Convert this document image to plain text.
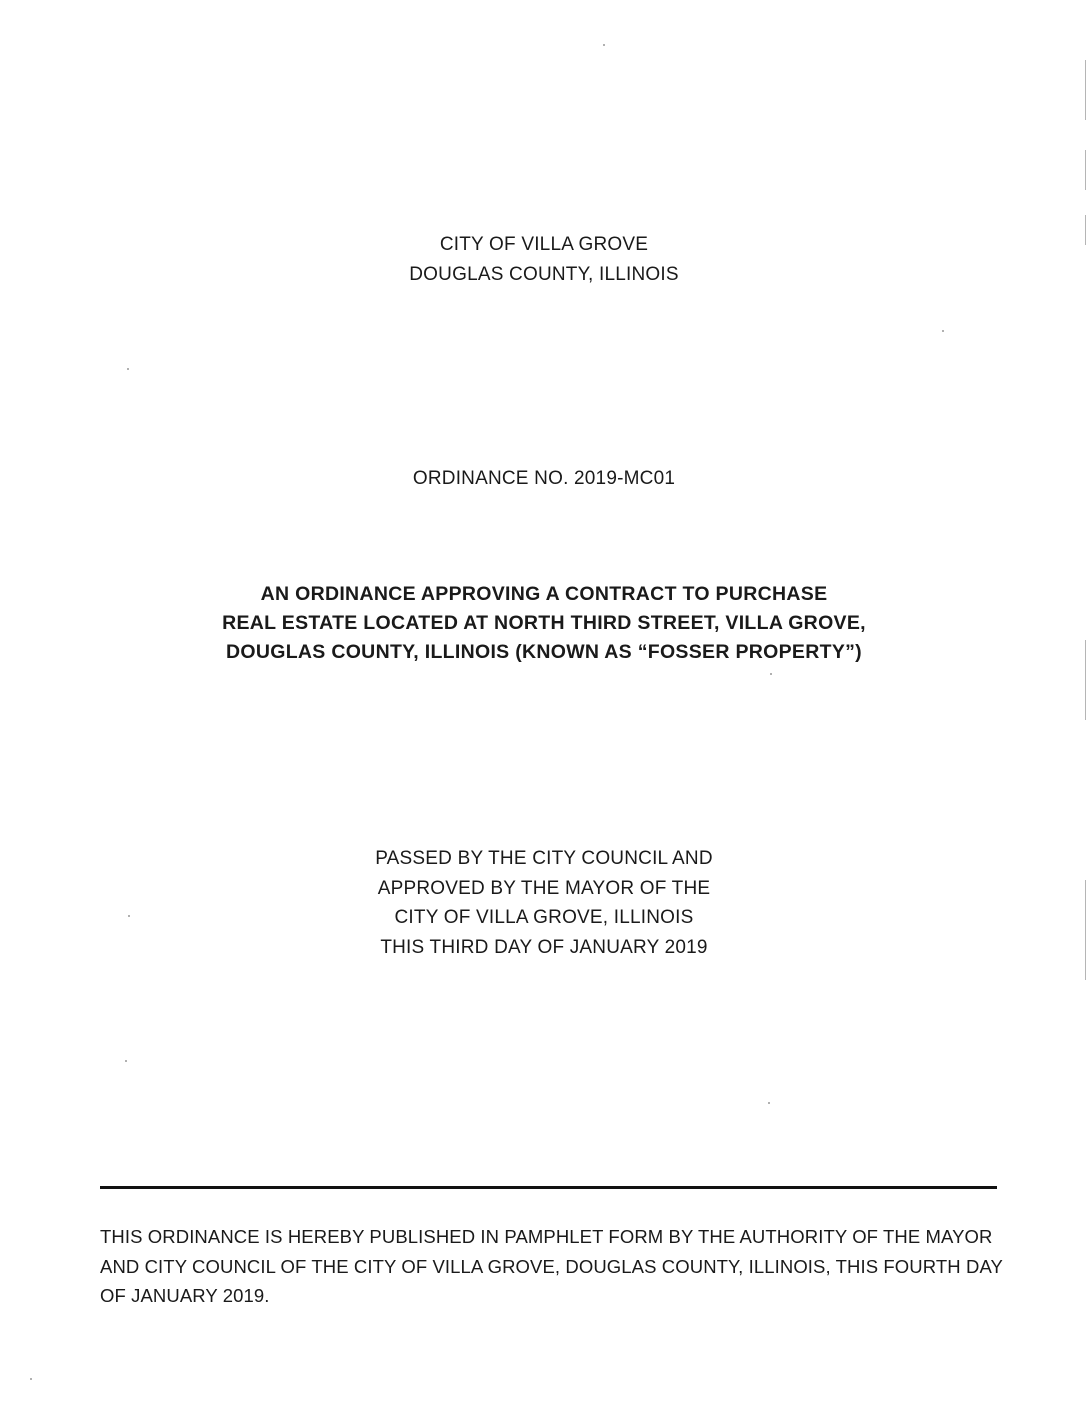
CITY OF VILLA GROVE
DOUGLAS COUNTY, ILLINOIS
ORDINANCE NO. 2019-MC01
AN ORDINANCE APPROVING A CONTRACT TO PURCHASE
REAL ESTATE LOCATED AT NORTH THIRD STREET, VILLA GROVE,
DOUGLAS COUNTY, ILLINOIS (KNOWN AS “FOSSER PROPERTY”)
PASSED BY THE CITY COUNCIL AND
APPROVED BY THE MAYOR OF THE
CITY OF VILLA GROVE, ILLINOIS
THIS THIRD DAY OF JANUARY 2019
THIS ORDINANCE IS HEREBY PUBLISHED IN PAMPHLET FORM BY THE AUTHORITY OF THE MAYOR
AND CITY COUNCIL OF THE CITY OF VILLA GROVE, DOUGLAS COUNTY, ILLINOIS, THIS FOURTH DAY
OF JANUARY 2019.
